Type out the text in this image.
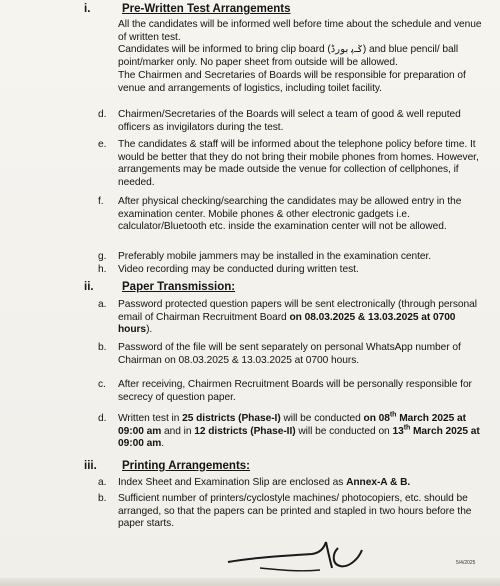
i.	Pre-Written Test Arrangements
All the candidates will be informed well before time about the schedule and venue of written test.
Candidates will be informed to bring clip board (ݢـﭘ ﺑﻮرڈ) and blue pencil/ ball point/marker only. No paper sheet from outside will be allowed.
The Chairmen and Secretaries of Boards will be responsible for preparation of venue and arrangements of logistics, including toilet facility.
d.	Chairmen/Secretaries of the Boards will select a team of good & well reputed officers as invigilators during the test.
e.	The candidates & staff will be informed about the telephone policy before time. It would be better that they do not bring their mobile phones from homes. However, arrangements may be made outside the venue for collection of cellphones, if needed.
f.	After physical checking/searching the candidates may be allowed entry in the examination center. Mobile phones & other electronic gadgets i.e. calculator/Bluetooth etc. inside the examination center will not be allowed.
g.	Preferably mobile jammers may be installed in the examination center.
h.	Video recording may be conducted during written test.
ii. Paper Transmission:
a.	Password protected question papers will be sent electronically (through personal email of Chairman Recruitment Board on 08.03.2025 & 13.03.2025 at 0700 hours).
b.	Password of the file will be sent separately on personal WhatsApp number of Chairman on 08.03.2025 & 13.03.2025 at 0700 hours.
c.	After receiving, Chairmen Recruitment Boards will be personally responsible for secrecy of question paper.
d.	Written test in 25 districts (Phase-I) will be conducted on 08th March 2025 at 09:00 am and in 12 districts (Phase-II) will be conducted on 13th March 2025 at 09:00 am.
iii. Printing Arrangements:
a.	Index Sheet and Examination Slip are enclosed as Annex-A & B.
b.	Sufficient number of printers/cyclostyle machines/ photocopiers, etc. should be arranged, so that the papers can be printed and stapled in two hours before the paper starts.
5/4/2025
